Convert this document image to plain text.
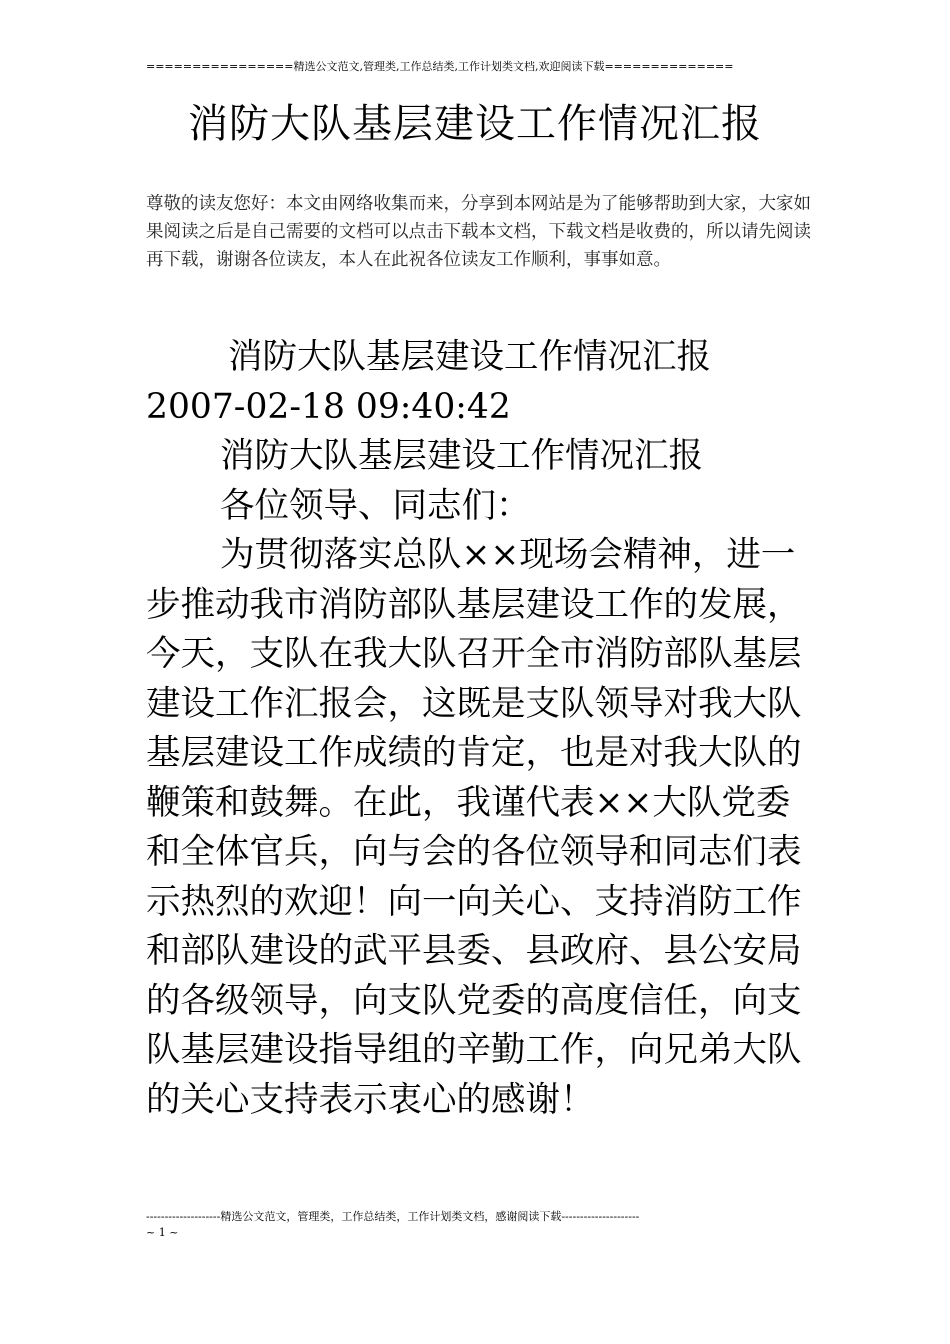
================精选公文范文,管理类,工作总结类,工作计划类文档,欢迎阅读下载==============
消防大队基层建设工作情况汇报
尊敬的读友您好：本文由网络收集而来，分享到本网站是为了能够帮助到大家，大家如果阅读之后是自己需要的文档可以点击下载本文档，下载文档是收费的，所以请先阅读再下载，谢谢各位读友，本人在此祝各位读友工作顺利，事事如意。

消防大队基层建设工作情况汇报

2007-02-18 09:40:42

消防大队基层建设工作情况汇报

各位领导、同志们：

为贯彻落实总队××现场会精神，进一步推动我市消防部队基层建设工作的发展，今天，支队在我大队召开全市消防部队基层建设工作汇报会，这既是支队领导对我大队基层建设工作成绩的肯定，也是对我大队的鞭策和鼓舞。在此，我谨代表××大队党委和全体官兵，向与会的各位领导和同志们表示热烈的欢迎！向一向关心、支持消防工作和部队建设的武平县委、县政府、县公安局的各级领导，向支队党委的高度信任，向支队基层建设指导组的辛勤工作，向兄弟大队的关心支持表示衷心的感谢！

--------------------精选公文范文，管理类，工作总结类，工作计划类文档，感谢阅读下载---------------------
~ 1 ~
